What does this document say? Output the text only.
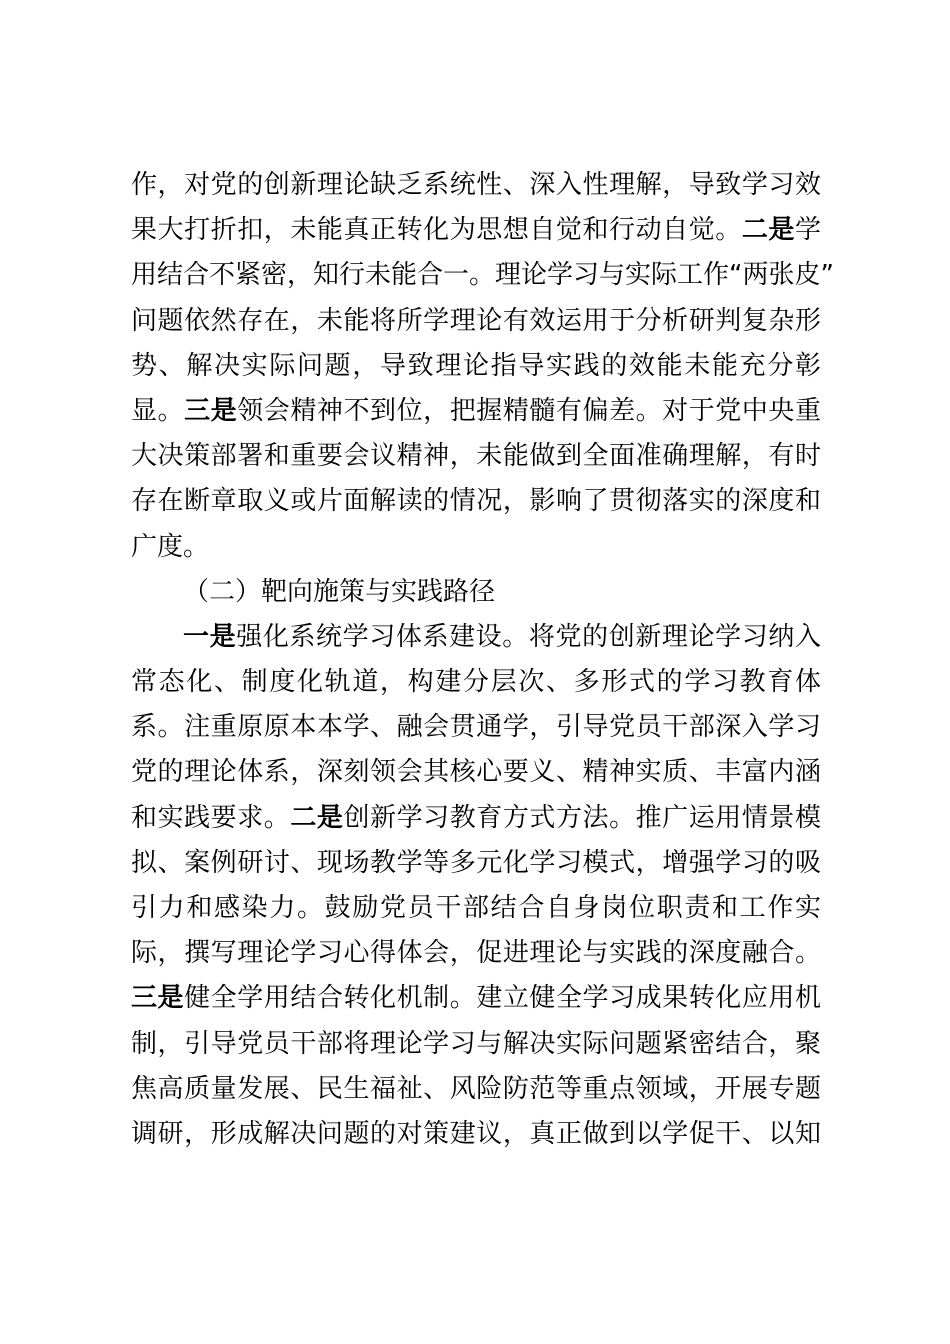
作，对党的创新理论缺乏系统性、深入性理解，导致学习效
果大打折扣，未能真正转化为思想自觉和行动自觉。二是学
用结合不紧密，知行未能合一。理论学习与实际工作“两张皮”
问题依然存在，未能将所学理论有效运用于分析研判复杂形
势、解决实际问题，导致理论指导实践的效能未能充分彰
显。三是领会精神不到位，把握精髓有偏差。对于党中央重
大决策部署和重要会议精神，未能做到全面准确理解，有时
存在断章取义或片面解读的情况，影响了贯彻落实的深度和
广度。
（二）靶向施策与实践路径
一是强化系统学习体系建设。将党的创新理论学习纳入
常态化、制度化轨道，构建分层次、多形式的学习教育体
系。注重原原本本学、融会贯通学，引导党员干部深入学习
党的理论体系，深刻领会其核心要义、精神实质、丰富内涵
和实践要求。二是创新学习教育方式方法。推广运用情景模
拟、案例研讨、现场教学等多元化学习模式，增强学习的吸
引力和感染力。鼓励党员干部结合自身岗位职责和工作实
际，撰写理论学习心得体会，促进理论与实践的深度融合。
三是健全学用结合转化机制。建立健全学习成果转化应用机
制，引导党员干部将理论学习与解决实际问题紧密结合，聚
焦高质量发展、民生福祉、风险防范等重点领域，开展专题
调研，形成解决问题的对策建议，真正做到以学促干、以知
